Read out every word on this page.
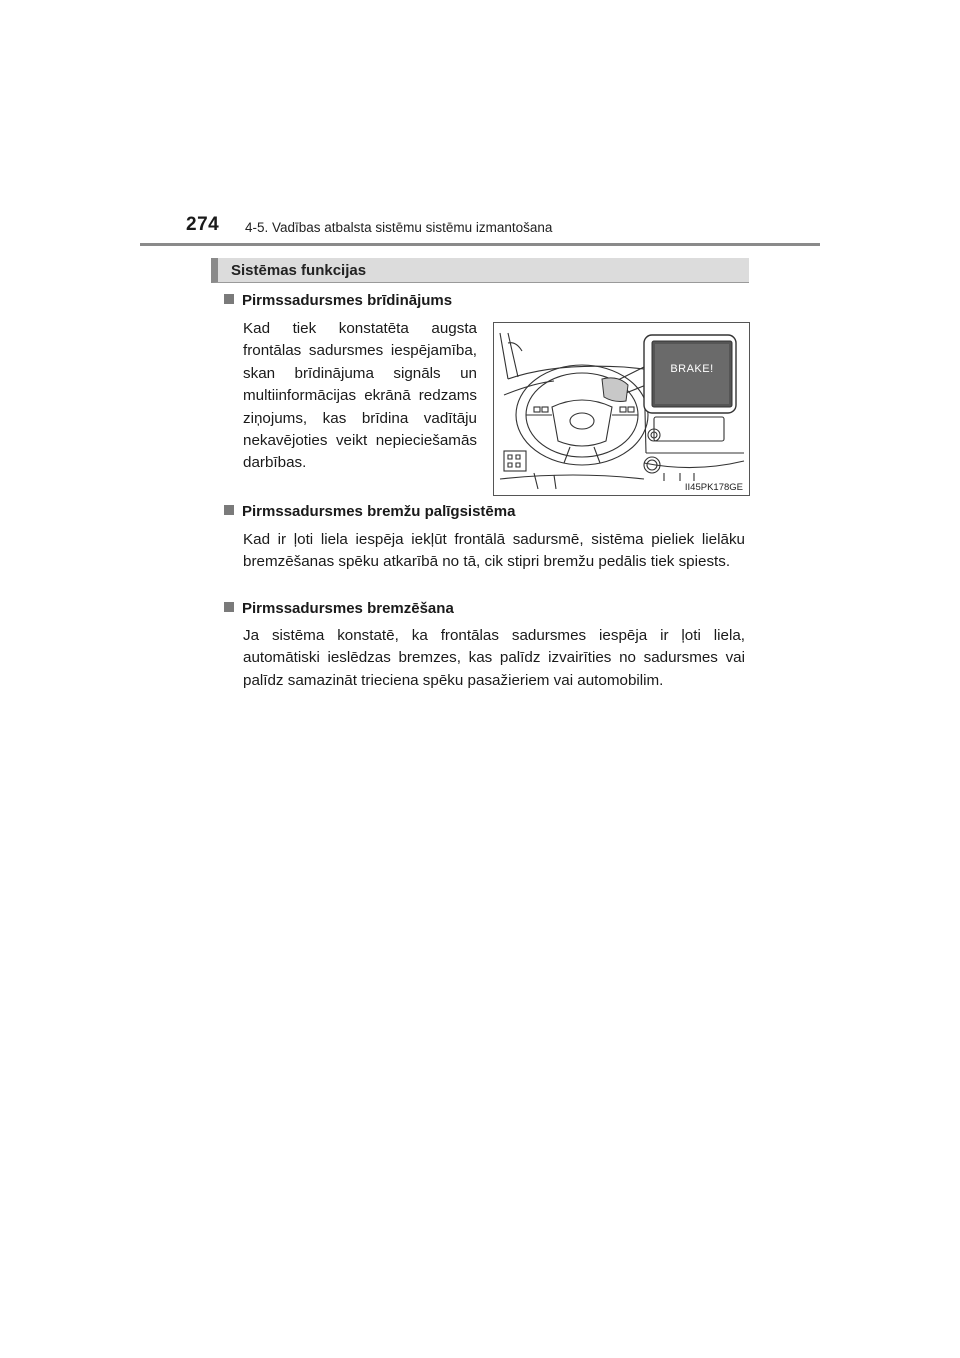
274 4-5. Vadības atbalsta sistēmu sistēmu izmantošana
Sistēmas funkcijas
Pirmssadursmes brīdinājums
Kad tiek konstatēta augsta frontālas sadursmes iespējamība, skan brīdinājuma signāls un multiinformācijas ekrānā redzams ziņojums, kas brīdina vadītāju nekavējoties veikt nepieciešamās darbības.
BRAKE!
II45PK178GE
Pirmssadursmes bremžu palīgsistēma
Kad ir ļoti liela iespēja iekļūt frontālā sadursmē, sistēma pieliek lielāku bremzēšanas spēku atkarībā no tā, cik stipri bremžu pedālis tiek spiests.
Pirmssadursmes bremzēšana
Ja sistēma konstatē, ka frontālas sadursmes iespēja ir ļoti liela, automātiski ieslēdzas bremzes, kas palīdz izvairīties no sadursmes vai palīdz samazināt trieciena spēku pasažieriem vai automobilim.
